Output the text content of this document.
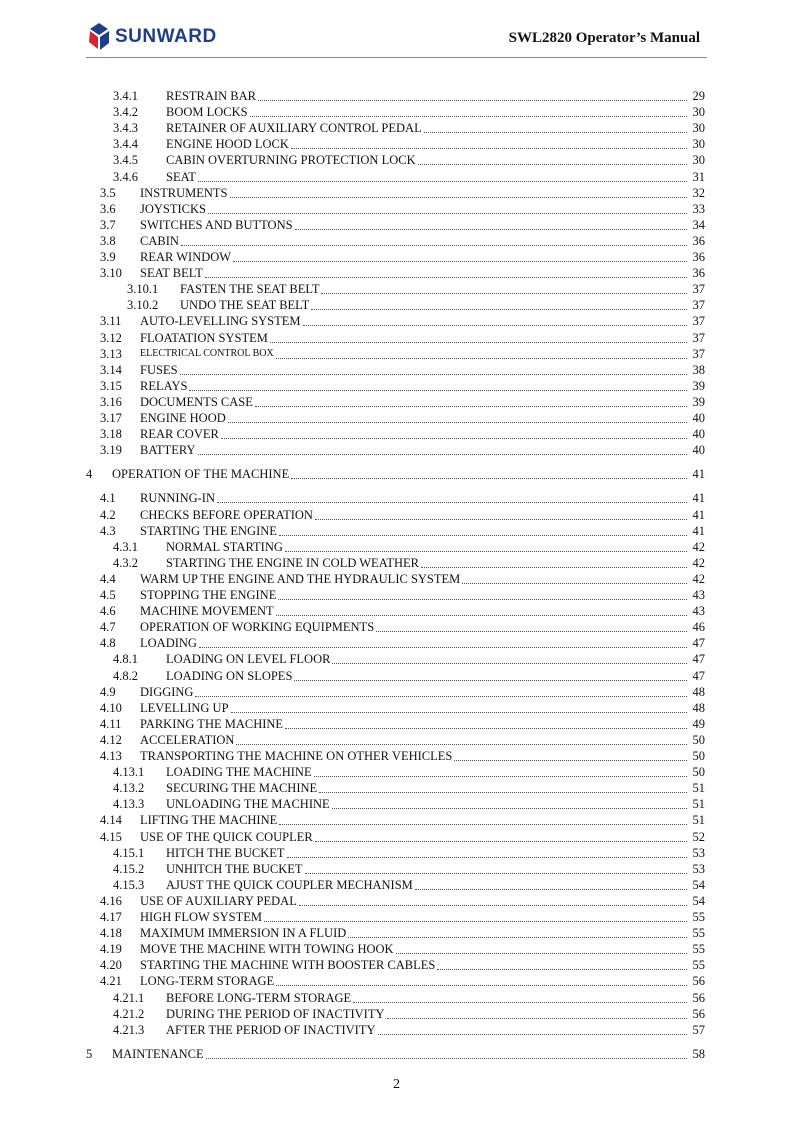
SUNWARD	SWL2820 Operator’s Manual
3.4.1 RESTRAIN BAR	29
3.4.2 BOOM LOCKS	30
3.4.3 RETAINER OF AUXILIARY CONTROL PEDAL	30
3.4.4 ENGINE HOOD LOCK	30
3.4.5 CABIN OVERTURNING PROTECTION LOCK	30
3.4.6 SEAT	31
3.5 INSTRUMENTS	32
3.6 JOYSTICKS	33
3.7 SWITCHES AND BUTTONS	34
3.8 CABIN	36
3.9 REAR WINDOW	36
3.10 SEAT BELT	36
3.10.1 FASTEN THE SEAT BELT	37
3.10.2 UNDO THE SEAT BELT	37
3.11 AUTO-LEVELLING SYSTEM	37
3.12 FLOATATION SYSTEM	37
3.13 ELECTRICAL CONTROL BOX	37
3.14 FUSES	38
3.15 RELAYS	39
3.16 DOCUMENTS CASE	39
3.17 ENGINE HOOD	40
3.18 REAR COVER	40
3.19 BATTERY	40
4 OPERATION OF THE MACHINE	41
4.1 RUNNING-IN	41
4.2 CHECKS BEFORE OPERATION	41
4.3 STARTING THE ENGINE	41
4.3.1 NORMAL STARTING	42
4.3.2 STARTING THE ENGINE IN COLD WEATHER	42
4.4 WARM UP THE ENGINE AND THE HYDRAULIC SYSTEM	42
4.5 STOPPING THE ENGINE	43
4.6 MACHINE MOVEMENT	43
4.7 OPERATION OF WORKING EQUIPMENTS	46
4.8 LOADING	47
4.8.1 LOADING ON LEVEL FLOOR	47
4.8.2 LOADING ON SLOPES	47
4.9 DIGGING	48
4.10 LEVELLING UP	48
4.11 PARKING THE MACHINE	49
4.12 ACCELERATION	50
4.13 TRANSPORTING THE MACHINE ON OTHER VEHICLES	50
4.13.1 LOADING THE MACHINE	50
4.13.2 SECURING THE MACHINE	51
4.13.3 UNLOADING THE MACHINE	51
4.14 LIFTING THE MACHINE	51
4.15 USE OF THE QUICK COUPLER	52
4.15.1 HITCH THE BUCKET	53
4.15.2 UNHITCH THE BUCKET	53
4.15.3 AJUST THE QUICK COUPLER MECHANISM	54
4.16 USE OF AUXILIARY PEDAL	54
4.17 HIGH FLOW SYSTEM	55
4.18 MAXIMUM IMMERSION IN A FLUID	55
4.19 MOVE THE MACHINE WITH TOWING HOOK	55
4.20 STARTING THE MACHINE WITH BOOSTER CABLES	55
4.21 LONG-TERM STORAGE	56
4.21.1 BEFORE LONG-TERM STORAGE	56
4.21.2 DURING THE PERIOD OF INACTIVITY	56
4.21.3 AFTER THE PERIOD OF INACTIVITY	57
5 MAINTENANCE	58
2
